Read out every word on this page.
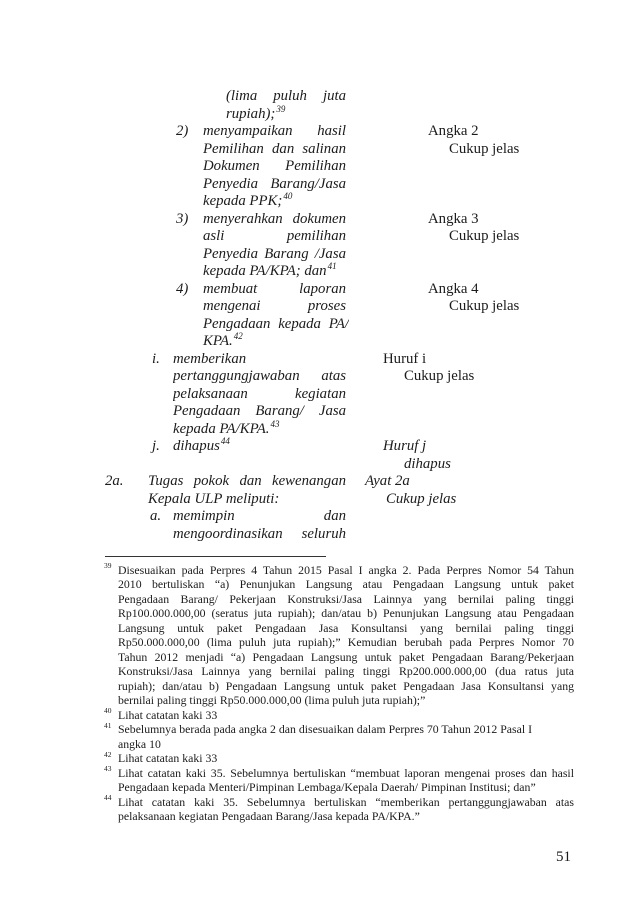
(lima puluh juta
rupiah);$^{39}$
2) menyampaikan hasil
Pemilihan dan salinan
Dokumen Pemilihan
Penyedia Barang/Jasa
kepada PPK;$^{40}$
3) menyerahkan dokumen
asli pemilihan
Penyedia Barang /Jasa
kepada PA/KPA; dan$^{41}$
4) membuat laporan
mengenai proses
Pengadaan kepada PA/
KPA.$^{42}$
i. memberikan
pertanggungjawaban atas
pelaksanaan kegiatan
Pengadaan Barang/ Jasa
kepada PA/KPA.$^{43}$
j. dihapus$^{44}$
2a. Tugas pokok dan kewenangan
Kepala ULP meliputi:
a. memimpin dan
mengoordinasikan seluruh
Angka 2
Cukup jelas
Angka 3
Cukup jelas
Angka 4
Cukup jelas
Huruf i
Cukup jelas
Huruf j
dihapus
Ayat 2a
Cukup jelas
39 Disesuaikan pada Perpres 4 Tahun 2015 Pasal I angka 2. Pada Perpres Nomor 54 Tahun
2010 bertuliskan “a) Penunjukan Langsung atau Pengadaan Langsung untuk paket
Pengadaan Barang/ Pekerjaan Konstruksi/Jasa Lainnya yang bernilai paling tinggi
Rp100.000.000,00 (seratus juta rupiah); dan/atau b) Penunjukan Langsung atau Pengadaan
Langsung untuk paket Pengadaan Jasa Konsultansi yang bernilai paling tinggi
Rp50.000.000,00 (lima puluh juta rupiah);” Kemudian berubah pada Perpres Nomor 70
Tahun 2012 menjadi “a) Pengadaan Langsung untuk paket Pengadaan Barang/Pekerjaan
Konstruksi/Jasa Lainnya yang bernilai paling tinggi Rp200.000.000,00 (dua ratus juta
rupiah); dan/atau b) Pengadaan Langsung untuk paket Pengadaan Jasa Konsultansi yang
bernilai paling tinggi Rp50.000.000,00 (lima puluh juta rupiah);”
40 Lihat catatan kaki 33
41 Sebelumnya berada pada angka 2 dan disesuaikan dalam Perpres 70 Tahun 2012 Pasal I
angka 10
42 Lihat catatan kaki 33
43 Lihat catatan kaki 35. Sebelumnya bertuliskan “membuat laporan mengenai proses dan hasil
Pengadaan kepada Menteri/Pimpinan Lembaga/Kepala Daerah/ Pimpinan Institusi; dan”
44 Lihat catatan kaki 35. Sebelumnya bertuliskan “memberikan pertanggungjawaban atas
pelaksanaan kegiatan Pengadaan Barang/Jasa kepada PA/KPA.”
51
